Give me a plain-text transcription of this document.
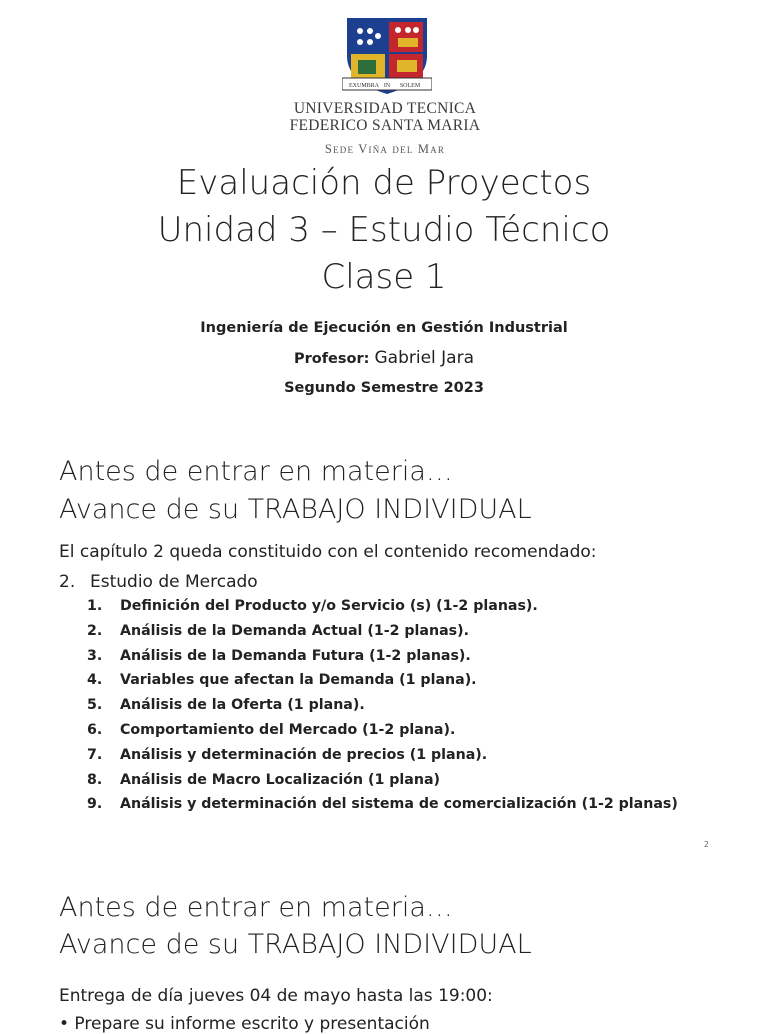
EXUMBRA IN SOLEM
UNIVERSIDAD TECNICA
FEDERICO SANTA MARIA
Sede Viña del Mar
Evaluación de Proyectos
Unidad 3 – Estudio Técnico
Clase 1
Ingeniería de Ejecución en Gestión Industrial
Profesor: Gabriel Jara
Segundo Semestre 2023
Antes de entrar en materia…
Avance de su TRABAJO INDIVIDUAL
El capítulo 2 queda constituido con el contenido recomendado:
2. Estudio de Mercado
1. Definición del Producto y/o Servicio (s) (1-2 planas).
2. Análisis de la Demanda Actual (1-2 planas).
3. Análisis de la Demanda Futura (1-2 planas).
4. Variables que afectan la Demanda (1 plana).
5. Análisis de la Oferta (1 plana).
6. Comportamiento del Mercado (1-2 plana).
7. Análisis y determinación de precios (1 plana).
8. Análisis de Macro Localización (1 plana)
9. Análisis y determinación del sistema de comercialización (1-2 planas)
2
Antes de entrar en materia…
Avance de su TRABAJO INDIVIDUAL
Entrega de día jueves 04 de mayo hasta las 19:00:
• Prepare su informe escrito y presentación
